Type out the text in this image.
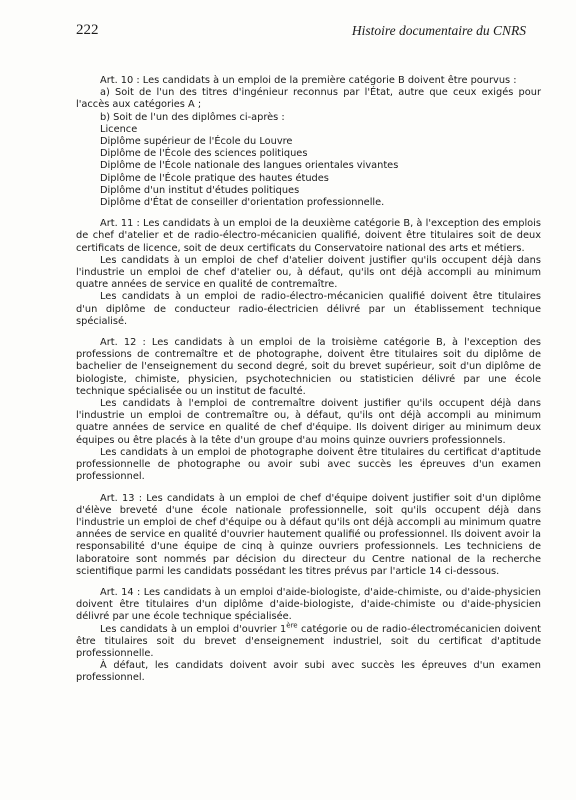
222	Histoire documentaire du CNRS

Art. 10 : Les candidats à un emploi de la première catégorie B doivent être pourvus :

a) Soit de l'un des titres d'ingénieur reconnus par l'État, autre que ceux exigés pour l'accès aux catégories A ;

b) Soit de l'un des diplômes ci-après :

Licence

Diplôme supérieur de l'École du Louvre

Diplôme de l'École des sciences politiques

Diplôme de l'École nationale des langues orientales vivantes

Diplôme de l'École pratique des hautes études

Diplôme d'un institut d'études politiques

Diplôme d'État de conseiller d'orientation professionnelle.

Art. 11 : Les candidats à un emploi de la deuxième catégorie B, à l'exception des emplois de chef d'atelier et de radio-électro-mécanicien qualifié, doivent être titulaires soit de deux certificats de licence, soit de deux certificats du Conservatoire national des arts et métiers.

Les candidats à un emploi de chef d'atelier doivent justifier qu'ils occupent déjà dans l'industrie un emploi de chef d'atelier ou, à défaut, qu'ils ont déjà accompli au minimum quatre années de service en qualité de contremaître.

Les candidats à un emploi de radio-électro-mécanicien qualifié doivent être titulaires d'un diplôme de conducteur radio-électricien délivré par un établissement technique spécialisé.

Art. 12 : Les candidats à un emploi de la troisième catégorie B, à l'exception des professions de contremaître et de photographe, doivent être titulaires soit du diplôme de bachelier de l'enseignement du second degré, soit du brevet supérieur, soit d'un diplôme de biologiste, chimiste, physicien, psychotechnicien ou statisticien délivré par une école technique spécialisée ou un institut de faculté.

Les candidats à l'emploi de contremaître doivent justifier qu'ils occupent déjà dans l'industrie un emploi de contremaître ou, à défaut, qu'ils ont déjà accompli au minimum quatre années de service en qualité de chef d'équipe. Ils doivent diriger au minimum deux équipes ou être placés à la tête d'un groupe d'au moins quinze ouvriers professionnels.

Les candidats à un emploi de photographe doivent être titulaires du certificat d'aptitude professionnelle de photographe ou avoir subi avec succès les épreuves d'un examen professionnel.

Art. 13 : Les candidats à un emploi de chef d'équipe doivent justifier soit d'un diplôme d'élève breveté d'une école nationale professionnelle, soit qu'ils occupent déjà dans l'industrie un emploi de chef d'équipe ou à défaut qu'ils ont déjà accompli au minimum quatre années de service en qualité d'ouvrier hautement qualifié ou professionnel. Ils doivent avoir la responsabilité d'une équipe de cinq à quinze ouvriers professionnels. Les techniciens de laboratoire sont nommés par décision du directeur du Centre national de la recherche scientifique parmi les candidats possédant les titres prévus par l'article 14 ci-dessous.

Art. 14 : Les candidats à un emploi d'aide-biologiste, d'aide-chimiste, ou d'aide-physicien doivent être titulaires d'un diplôme d'aide-biologiste, d'aide-chimiste ou d'aide-physicien délivré par une école technique spécialisée.

Les candidats à un emploi d'ouvrier 1ère catégorie ou de radio-électromécanicien doivent être titulaires soit du brevet d'enseignement industriel, soit du certificat d'aptitude professionnelle.

À défaut, les candidats doivent avoir subi avec succès les épreuves d'un examen professionnel.
